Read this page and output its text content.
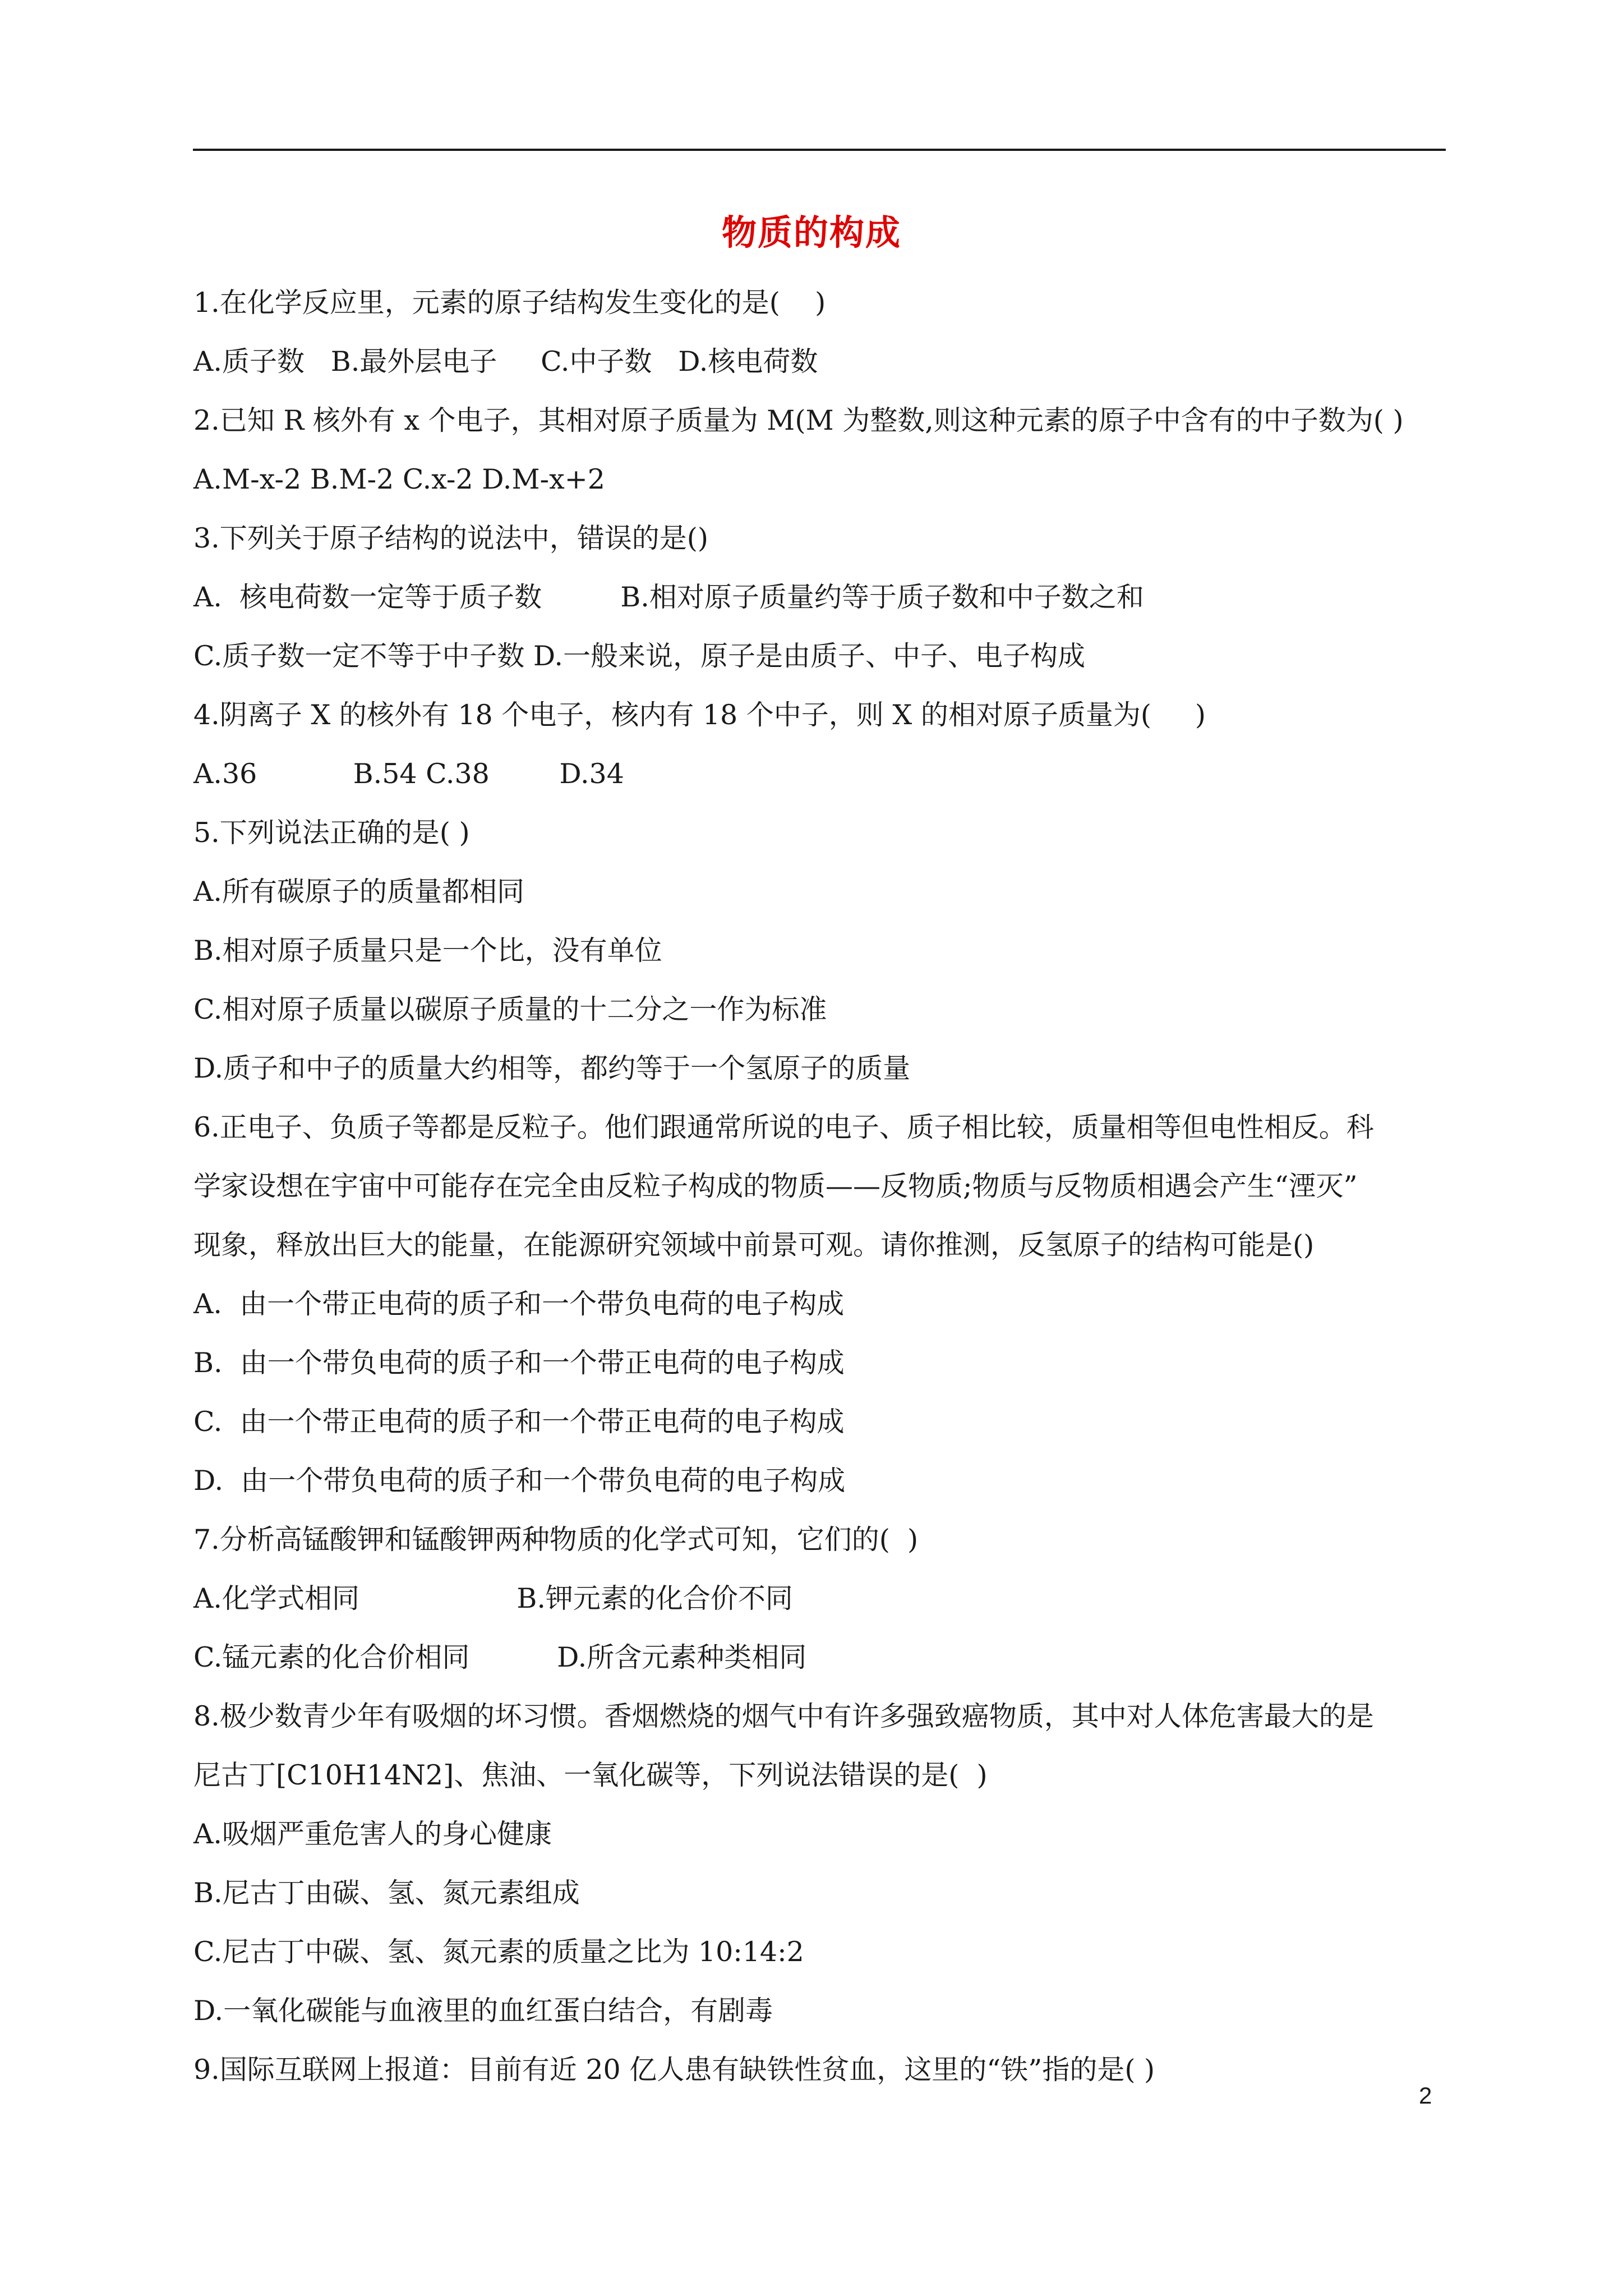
物质的构成
1.在化学反应里，元素的原子结构发生变化的是(    )
A.质子数   B.最外层电子     C.中子数   D.核电荷数
2.已知 R 核外有 x 个电子，其相对原子质量为 M(M 为整数,则这种元素的原子中含有的中子数为( )
A.M-x-2 B.M-2 C.x-2 D.M-x+2
3.下列关于原子结构的说法中，错误的是()
A.  核电荷数一定等于质子数         B.相对原子质量约等于质子数和中子数之和
C.质子数一定不等于中子数 D.一般来说，原子是由质子、中子、电子构成
4.阴离子 X 的核外有 18 个电子，核内有 18 个中子，则 X 的相对原子质量为(     )
A.36           B.54 C.38        D.34
5.下列说法正确的是( )
A.所有碳原子的质量都相同
B.相对原子质量只是一个比，没有单位
C.相对原子质量以碳原子质量的十二分之一作为标准
D.质子和中子的质量大约相等，都约等于一个氢原子的质量
6.正电子、负质子等都是反粒子。他们跟通常所说的电子、质子相比较，质量相等但电性相反。科
学家设想在宇宙中可能存在完全由反粒子构成的物质——反物质;物质与反物质相遇会产生“湮灭”
现象，释放出巨大的能量，在能源研究领域中前景可观。请你推测，反氢原子的结构可能是()
A.  由一个带正电荷的质子和一个带负电荷的电子构成
B.  由一个带负电荷的质子和一个带正电荷的电子构成
C.  由一个带正电荷的质子和一个带正电荷的电子构成
D.  由一个带负电荷的质子和一个带负电荷的电子构成
7.分析高锰酸钾和锰酸钾两种物质的化学式可知，它们的(  )
A.化学式相同                  B.钾元素的化合价不同
C.锰元素的化合价相同          D.所含元素种类相同
8.极少数青少年有吸烟的坏习惯。香烟燃烧的烟气中有许多强致癌物质，其中对人体危害最大的是
尼古丁[C10H14N2]、焦油、一氧化碳等，下列说法错误的是(  )
A.吸烟严重危害人的身心健康
B.尼古丁由碳、氢、氮元素组成
C.尼古丁中碳、氢、氮元素的质量之比为 10:14:2
D.一氧化碳能与血液里的血红蛋白结合，有剧毒
9.国际互联网上报道：目前有近 20 亿人患有缺铁性贫血，这里的“铁”指的是( )
2
